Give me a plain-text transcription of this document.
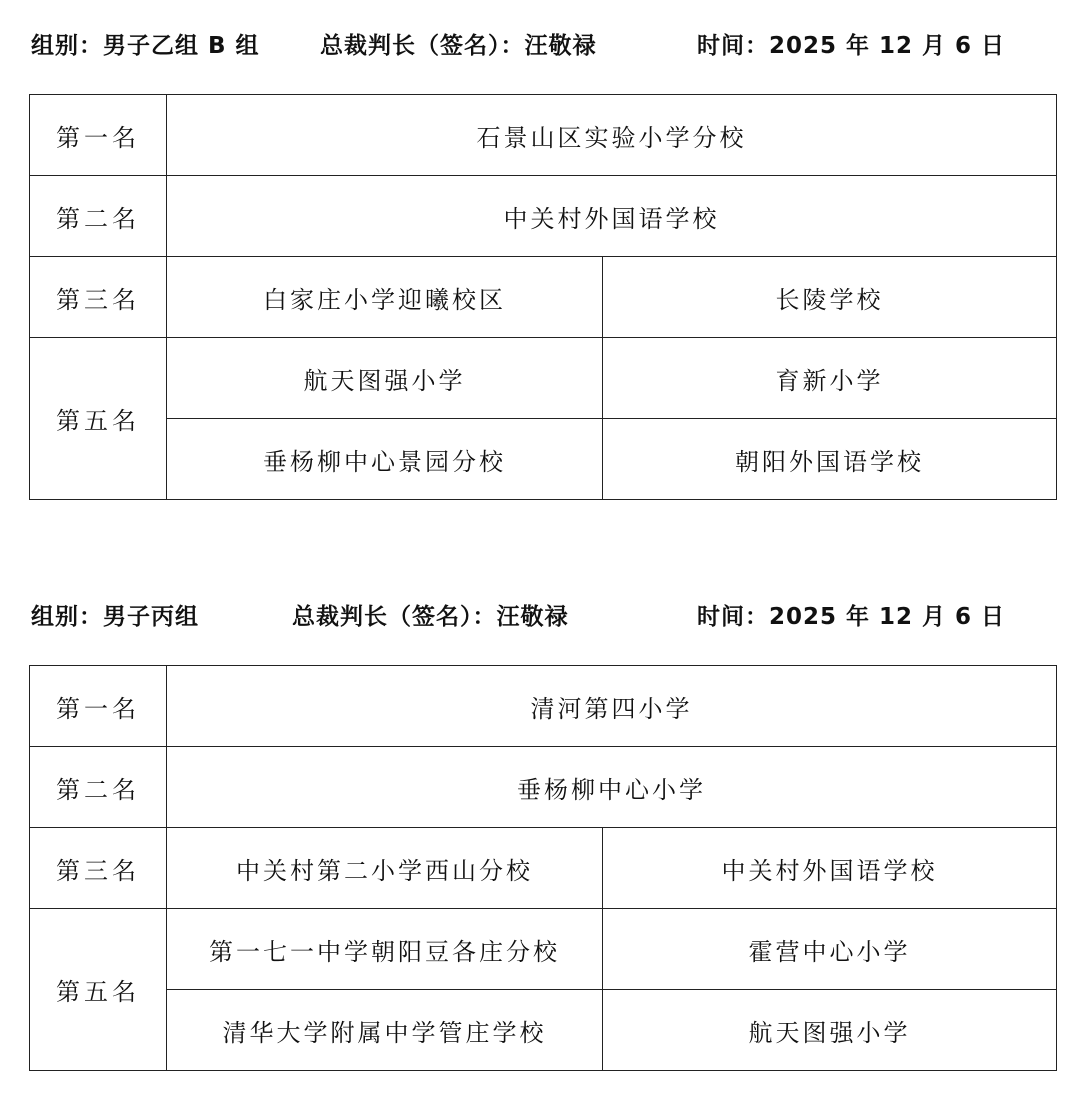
组别：男子乙组 B 组	总裁判长（签名）：汪敬禄	时间：2025 年 12 月 6 日
第一名	石景山区实验小学分校	
第二名	中关村外国语学校	
第三名	白家庄小学迎曦校区	长陵学校
第五名	航天图强小学	育新小学
	垂杨柳中心景园分校	朝阳外国语学校
组别：男子丙组	总裁判长（签名）：汪敬禄	时间：2025 年 12 月 6 日
第一名	清河第四小学	
第二名	垂杨柳中心小学	
第三名	中关村第二小学西山分校	中关村外国语学校
第五名	第一七一中学朝阳豆各庄分校	霍营中心小学
	清华大学附属中学管庄学校	航天图强小学
